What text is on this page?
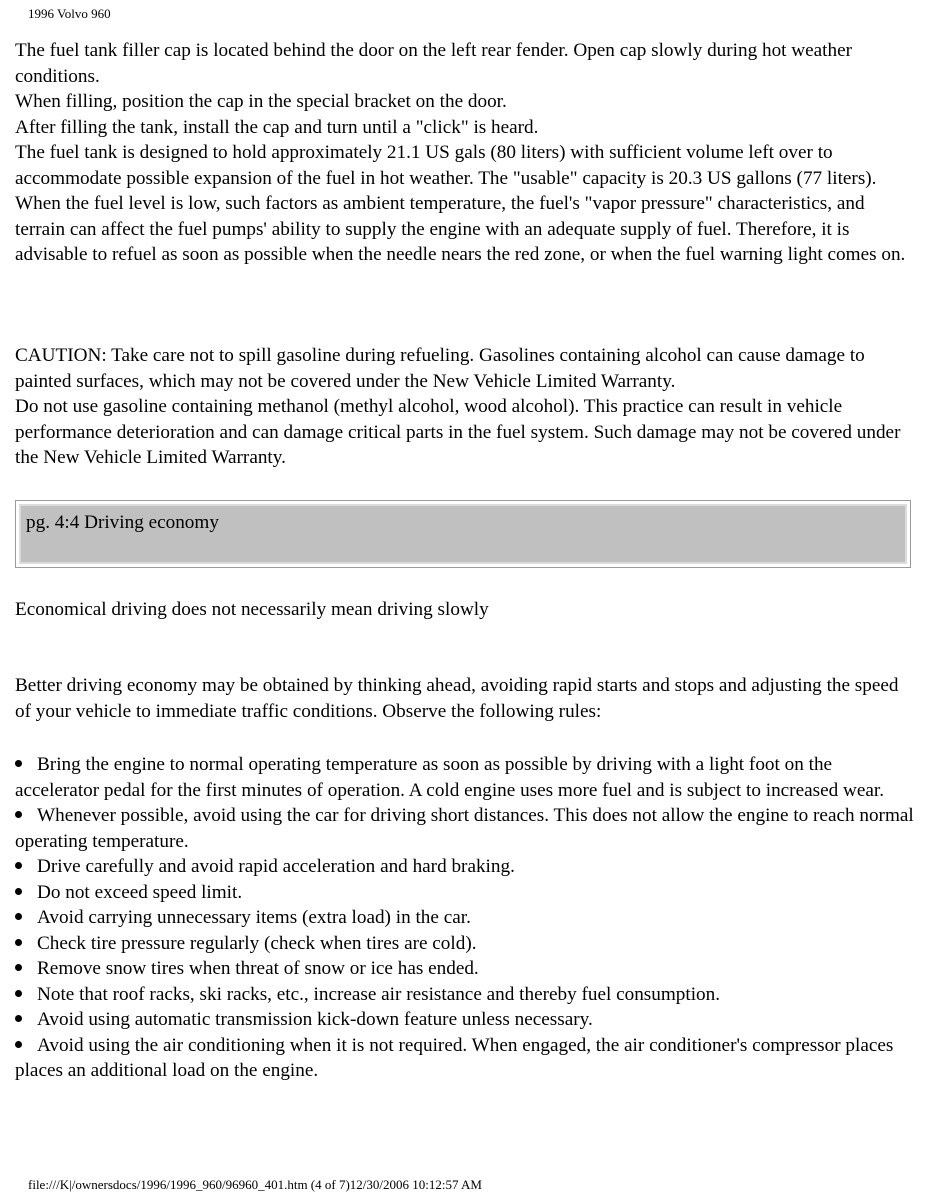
1996 Volvo 960

The fuel tank filler cap is located behind the door on the left rear fender. Open cap slowly during hot weather conditions.

When filling, position the cap in the special bracket on the door.

After filling the tank, install the cap and turn until a "click" is heard.

The fuel tank is designed to hold approximately 21.1 US gals (80 liters) with sufficient volume left over to accommodate possible expansion of the fuel in hot weather. The "usable" capacity is 20.3 US gallons (77 liters). When the fuel level is low, such factors as ambient temperature, the fuel's "vapor pressure" characteristics, and terrain can affect the fuel pumps' ability to supply the engine with an adequate supply of fuel. Therefore, it is advisable to refuel as soon as possible when the needle nears the red zone, or when the fuel warning light comes on.

CAUTION: Take care not to spill gasoline during refueling. Gasolines containing alcohol can cause damage to painted surfaces, which may not be covered under the New Vehicle Limited Warranty.

Do not use gasoline containing methanol (methyl alcohol, wood alcohol). This practice can result in vehicle performance deterioration and can damage critical parts in the fuel system. Such damage may not be covered under the New Vehicle Limited Warranty.

pg. 4:4 Driving economy
Economical driving does not necessarily mean driving slowly
Better driving economy may be obtained by thinking ahead, avoiding rapid starts and stops and adjusting the speed of your vehicle to immediate traffic conditions. Observe the following rules:

Bring the engine to normal operating temperature as soon as possible by driving with a light foot on the accelerator pedal for the first minutes of operation. A cold engine uses more fuel and is subject to increased wear.

Whenever possible, avoid using the car for driving short distances. This does not allow the engine to reach normal operating temperature.

Drive carefully and avoid rapid acceleration and hard braking.

Do not exceed speed limit.

Avoid carrying unnecessary items (extra load) in the car.

Check tire pressure regularly (check when tires are cold).

Remove snow tires when threat of snow or ice has ended.

Note that roof racks, ski racks, etc., increase air resistance and thereby fuel consumption.

Avoid using automatic transmission kick-down feature unless necessary.

Avoid using the air conditioning when it is not required. When engaged, the air conditioner's compressor places places an additional load on the engine.

file:///K|/ownersdocs/1996/1996_960/96960_401.htm (4 of 7)12/30/2006 10:12:57 AM
